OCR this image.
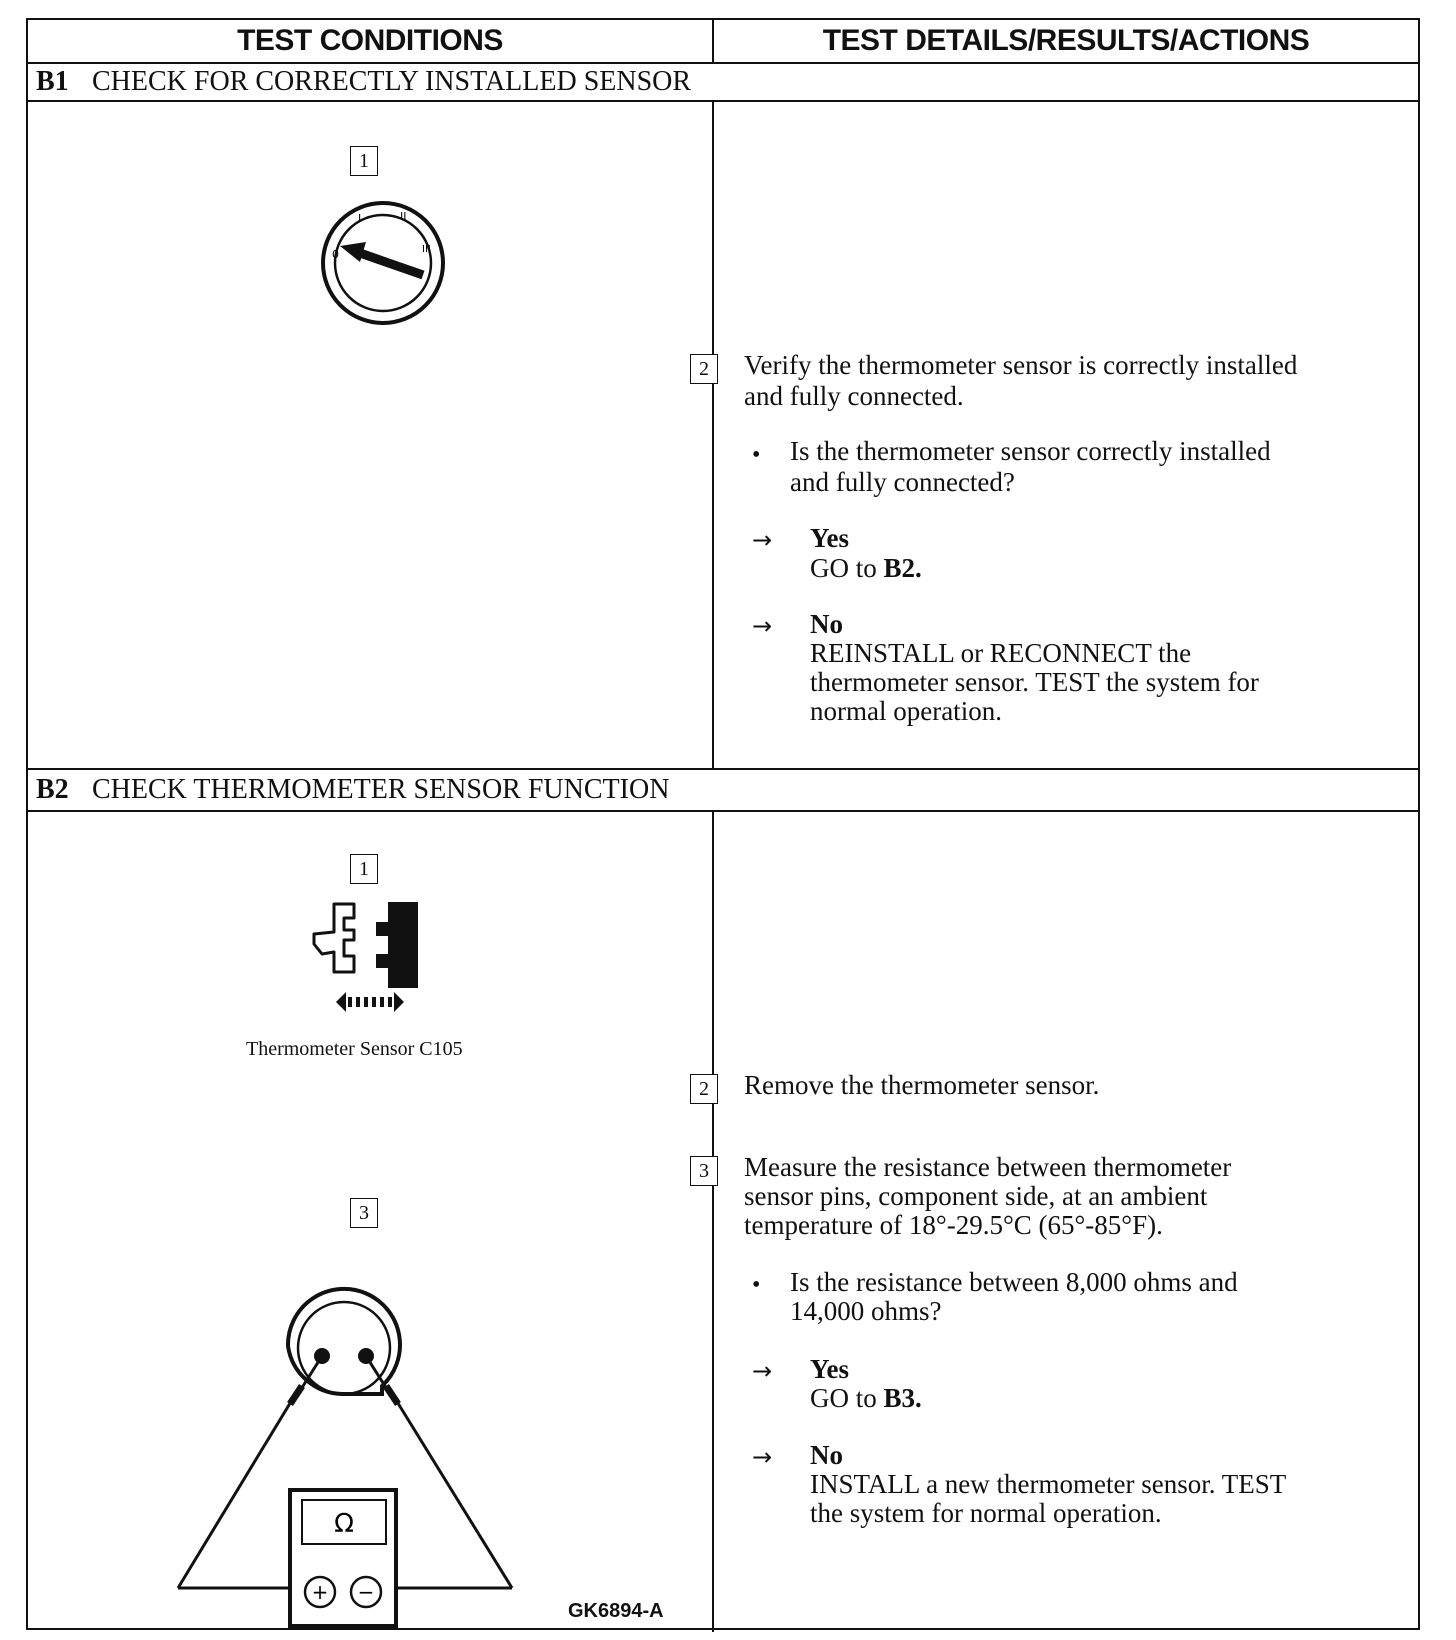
TEST CONDITIONS	TEST DETAILS/RESULTS/ACTIONS
B1 CHECK FOR CORRECTLY INSTALLED SENSOR
1
0
I	II
III
2	Verify the thermometer sensor is correctly installed
and fully connected.
• Is the thermometer sensor correctly installed
and fully connected?
→ Yes
GO to B2.
→ No
REINSTALL or RECONNECT the
thermometer sensor. TEST the system for
normal operation.
B2 CHECK THERMOMETER SENSOR FUNCTION
1
Thermometer Sensor C105
3
Ω
+ −
GK6894-A
2	Remove the thermometer sensor.
3	Measure the resistance between thermometer
sensor pins, component side, at an ambient
temperature of 18°-29.5°C (65°-85°F).
• Is the resistance between 8,000 ohms and
14,000 ohms?
→ Yes
GO to B3.
→ No
INSTALL a new thermometer sensor. TEST
the system for normal operation.
